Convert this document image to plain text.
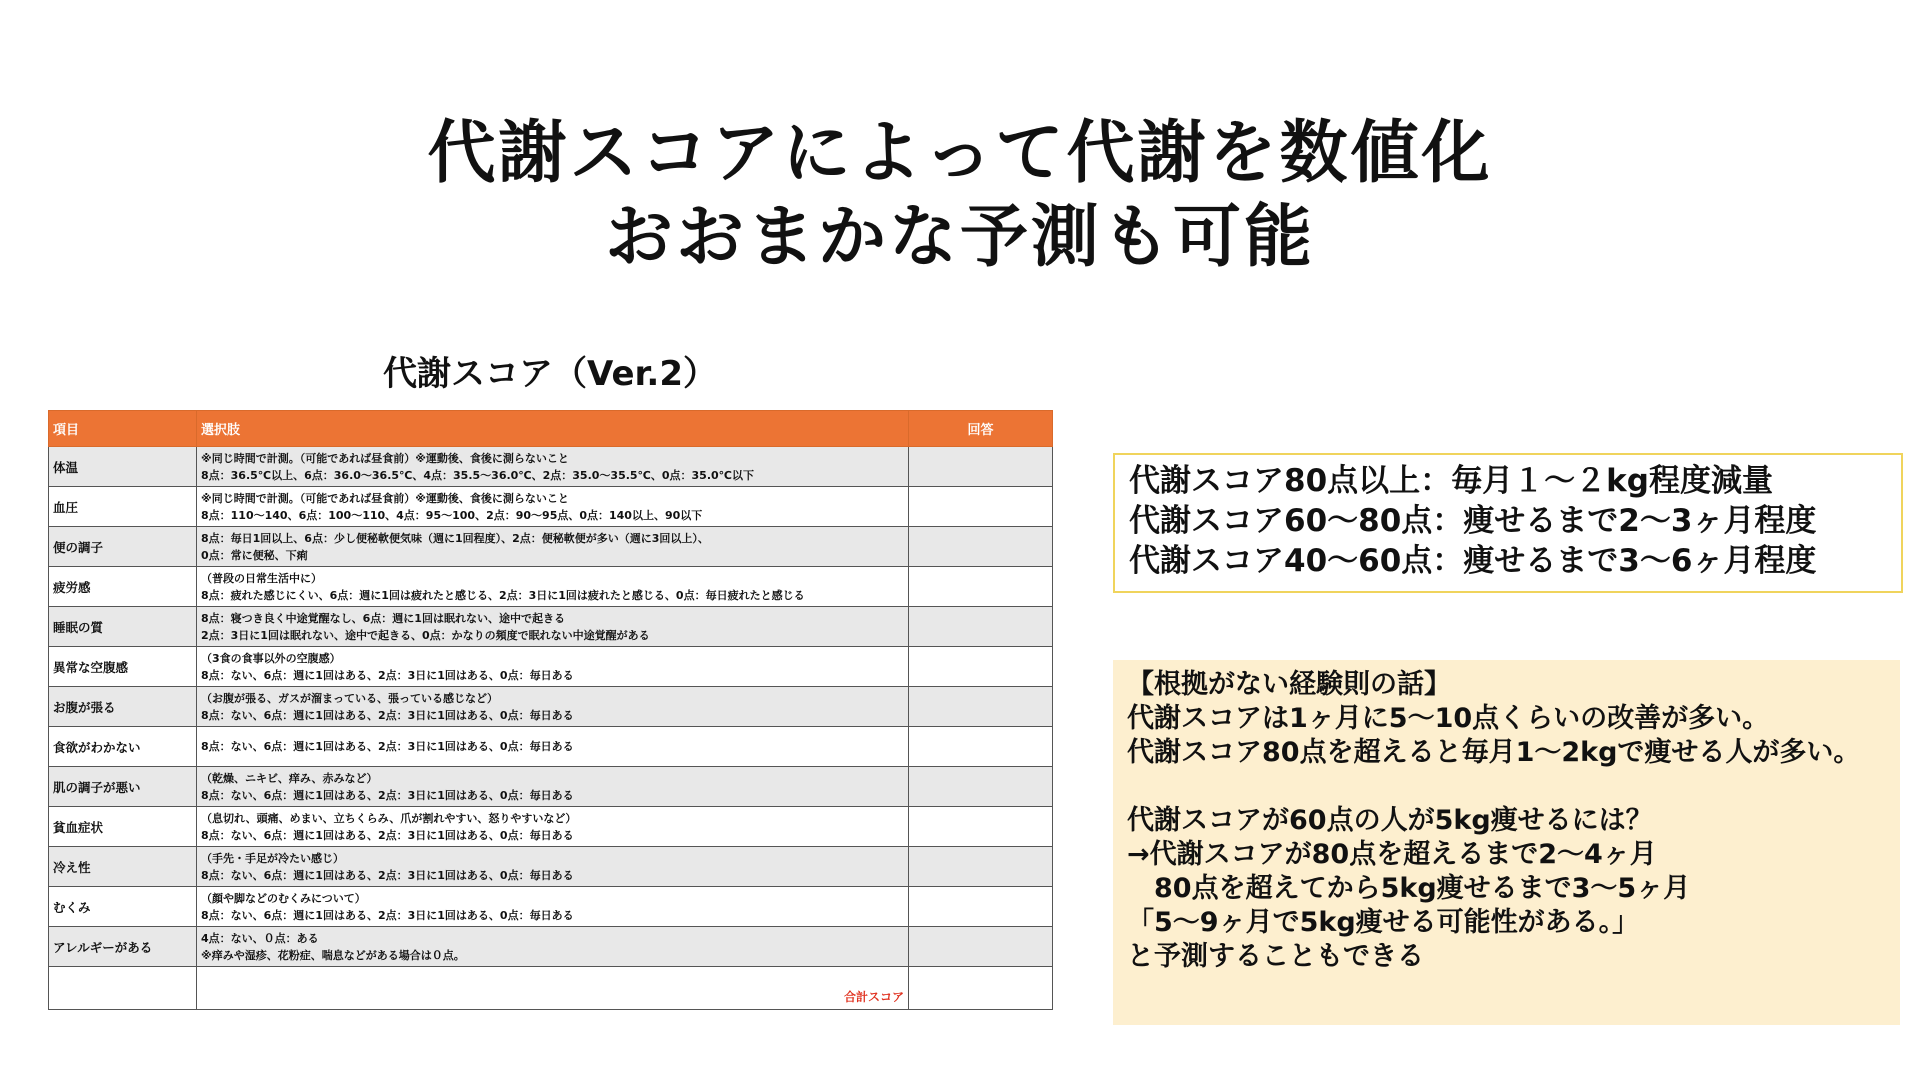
代謝スコアによって代謝を数値化
おおまかな予測も可能
代謝スコア（Ver.2）
項目	選択肢	回答
体温	※同じ時間で計測。（可能であれば昼食前）※運動後、食後に測らないこと
8点：36.5℃以上、6点：36.0〜36.5℃、4点：35.5〜36.0℃、2点：35.0〜35.5℃、0点：35.0℃以下	

血圧	※同じ時間で計測。（可能であれば昼食前）※運動後、食後に測らないこと
8点：110〜140、6点：100〜110、4点：95〜100、2点：90〜95点、0点：140以上、90以下	

便の調子	8点：毎日1回以上、6点：少し便秘軟便気味（週に1回程度）、2点：便秘軟便が多い（週に3回以上）、
0点：常に便秘、下痢	

疲労感	（普段の日常生活中に）
8点：疲れた感じにくい、6点：週に1回は疲れたと感じる、2点：3日に1回は疲れたと感じる、0点：毎日疲れたと感じる	

睡眠の質	8点：寝つき良く中途覚醒なし、6点：週に1回は眠れない、途中で起きる
2点：3日に1回は眠れない、途中で起きる、0点：かなりの頻度で眠れない中途覚醒がある	

異常な空腹感	（3食の食事以外の空腹感）
8点：ない、6点：週に1回はある、2点：3日に1回はある、0点：毎日ある	

お腹が張る	（お腹が張る、ガスが溜まっている、張っている感じなど）
8点：ない、6点：週に1回はある、2点：3日に1回はある、0点：毎日ある	

食欲がわかない	8点：ない、6点：週に1回はある、2点：3日に1回はある、0点：毎日ある	

肌の調子が悪い	（乾燥、ニキビ、痒み、赤みなど）
8点：ない、6点：週に1回はある、2点：3日に1回はある、0点：毎日ある	

貧血症状	（息切れ、頭痛、めまい、立ちくらみ、爪が割れやすい、怒りやすいなど）
8点：ない、6点：週に1回はある、2点：3日に1回はある、0点：毎日ある	

冷え性	（手先・手足が冷たい感じ）
8点：ない、6点：週に1回はある、2点：3日に1回はある、0点：毎日ある	

むくみ	（顔や脚などのむくみについて）
8点：ない、6点：週に1回はある、2点：3日に1回はある、0点：毎日ある	

アレルギーがある	4点：ない、０点：ある
※痒みや湿疹、花粉症、喘息などがある場合は０点。	

	合計スコア	
代謝スコア80点以上：毎月１〜２kg程度減量
代謝スコア60〜80点：痩せるまで2〜3ヶ月程度
代謝スコア40〜60点：痩せるまで3〜6ヶ月程度
【根拠がない経験則の話】
代謝スコアは1ヶ月に5〜10点くらいの改善が多い。
代謝スコア80点を超えると毎月1〜2kgで痩せる人が多い。
代謝スコアが60点の人が5kg痩せるには？
→代謝スコアが80点を超えるまで2〜4ヶ月
　80点を超えてから5kg痩せるまで3〜5ヶ月
「5〜9ヶ月で5kg痩せる可能性がある。」
と予測することもできる
